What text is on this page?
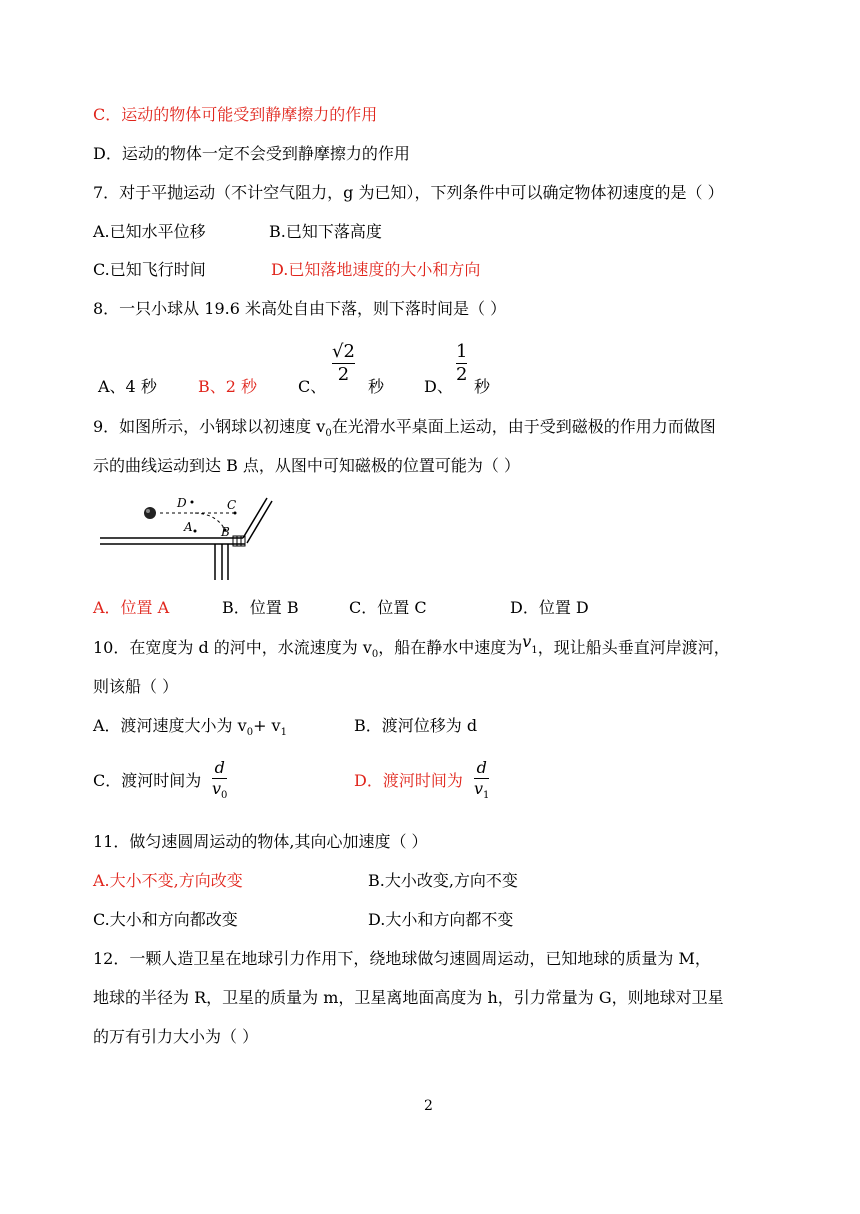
C．运动的物体可能受到静摩擦力的作用
D．运动的物体一定不会受到静摩擦力的作用
7．对于平抛运动（不计空气阻力，g 为已知），下列条件中可以确定物体初速度的是（ ）
A.已知水平位移	B.已知下落高度
C.已知飞行时间	D.已知落地速度的大小和方向
8．一只小球从 19.6 米高处自由下落，则下落时间是（ ）
A、4 秒	B、2 秒	C、
√2
2
秒 D、
1
2
秒
9．如图所示，小钢球以初速度 $v_0$在光滑水平桌面上运动，由于受到磁极的作用力而做图
示的曲线运动到达 B 点，从图中可知磁极的位置可能为（ ）
D	C
A B
A．位置 A	B．位置 B	C．位置 C	D．位置 D
10．在宽度为 d 的河中，水流速度为 $v_0$，船在静水中速度为$v_1$，现让船头垂直河岸渡河，
则该船（ ）
A．渡河速度大小为 $v_0+ v_1$	B．渡河位移为 d
C．渡河时间为
d
$v_0$
D．渡河时间为
d
$v_1$
11．做匀速圆周运动的物体,其向心加速度（ ）
A.大小不变,方向改变	B.大小改变,方向不变
C.大小和方向都改变	D.大小和方向都不变
12．一颗人造卫星在地球引力作用下，绕地球做匀速圆周运动，已知地球的质量为 M，
地球的半径为 R，卫星的质量为 m，卫星离地面高度为 h，引力常量为 G，则地球对卫星
的万有引力大小为（ ）
2
